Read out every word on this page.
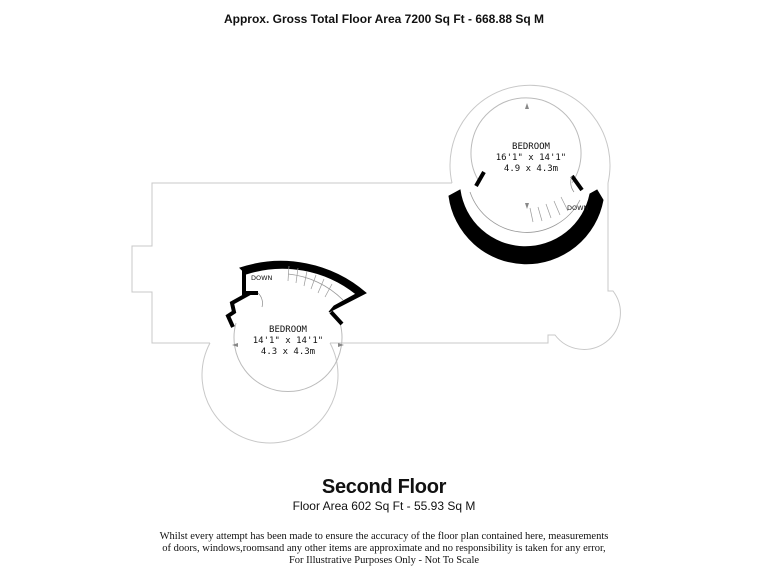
Approx. Gross Total Floor Area 7200 Sq Ft - 668.88 Sq M
DOWN
BEDROOM
16'1" x 14'1"
4.9 x 4.3m
DOWN
BEDROOM
14'1" x 14'1"
4.3 x 4.3m
Second Floor
Floor Area 602 Sq Ft - 55.93 Sq M
Whilst every attempt has been made to ensure the accuracy of the floor plan contained here, measurements
of doors, windows,roomsand any other items are approximate and no responsibility is taken for any error,
For Illustrative Purposes Only - Not To Scale
